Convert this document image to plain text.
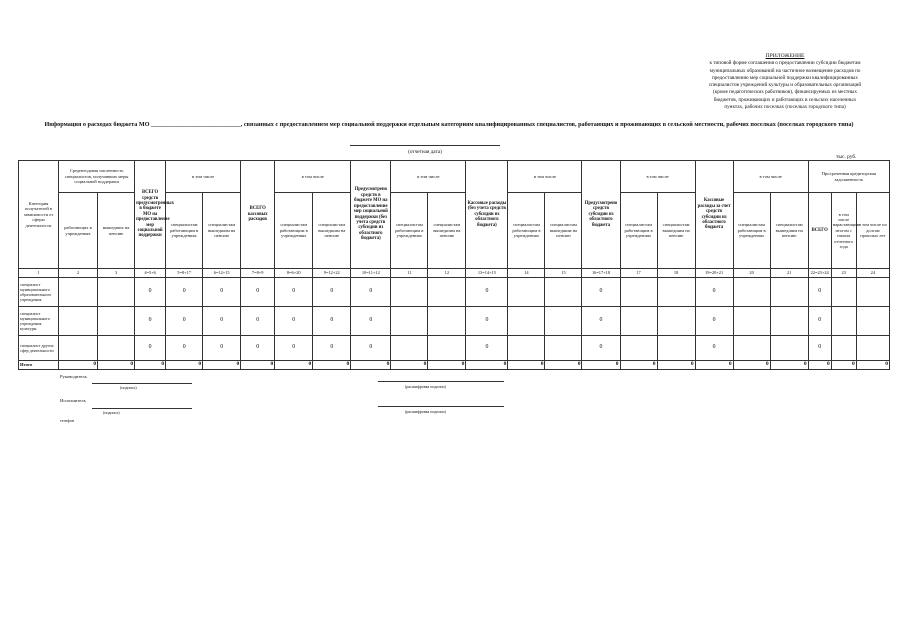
ПРИЛОЖЕНИЕ
к типовой форме соглашения о предоставлении субсидии бюджетам
муниципальных образований на частичное возмещение расходов по
предоставлению мер социальной поддержки квалифицированных
специалистов учреждений культуры и образовательных организаций
(кроме педагогических работников), финансируемых из местных
бюджетов, проживающих и работающих в сельских населенных
пунктах, рабочих поселках (поселках городского типа)
Информация о расходах бюджета МО _____________________________, связанных с предоставлением мер социальной поддержки отдельным категориям квалифицированных специалистов, работающих и проживающих в сельской местности, рабочих поселках (поселках городского типа)
(отчетная дата)
тыс. руб.
Категория получателей в зависимости от сферы деятельности	Среднегодовая численность специалистов, получивших меры социальной поддержки		ВСЕГО средств предусмотренных в бюджете МО на предоставление мер социальной поддержки	в том числе		ВСЕГО кассовых расходов	в том числе		Предусмотрено средств в бюджете МО на предоставление мер социальной поддержки (без учета средств субсидии из областного бюджета)	в том числе		Кассовые расходы (без учета средств субсидии из областного бюджета)	в том числе		Предусмотрено средств субсидии из областного бюджета	в том числе		Кассовые расходы за счет средств субсидии из областного бюджета	в том числе		Просроченная кредиторская задолженность		
	работающих в учреждениях	вышедших на пенсию		специалистам работающим в учреждениях	специалистам вышедшим на пенсию		специалистам работающим в учреждениях	специалистам вышедшим на пенсию		специалистам работающим в учреждениях	специалистам вышедшим на пенсию		специалистам работающим в учреждениях	специалистам вышедшим на пенсию		специалистам работающим в учреждениях	специалистам вышедшим на пенсию		специалистам работающим в учреждениях	специалистам вышедшим на пенсию	ВСЕГО	в том числе нарастающим итогом с начала отчетного года	в том числе по долгам прошлых лет
1	2	3	4=5+6	5=8+17	6=12+15	7=8+9	8=6+20	9=12+22	10=11+12	11	12	13=14+15	14	15	16=17+18	17	18	19=20+21	20	21	22=23+24	23	24
специалист муниципального образовательного учреждения			0	0	0	0	0	0	0			0			0			0			0		
специалист муниципального учреждения культуры			0	0	0	0	0	0	0			0			0			0			0		
специалист других сфер деятельности			0	0	0	0	0	0	0			0			0			0			0		
Итого	0	0	0	0	0	0	0	0	0	0	0	0	0	0	0	0	0	0	0	0	0	0	0
Руководитель
(подпись)	(расшифровка подписи)
Исполнитель
(подпись)	(расшифровка подписи)
телефон
